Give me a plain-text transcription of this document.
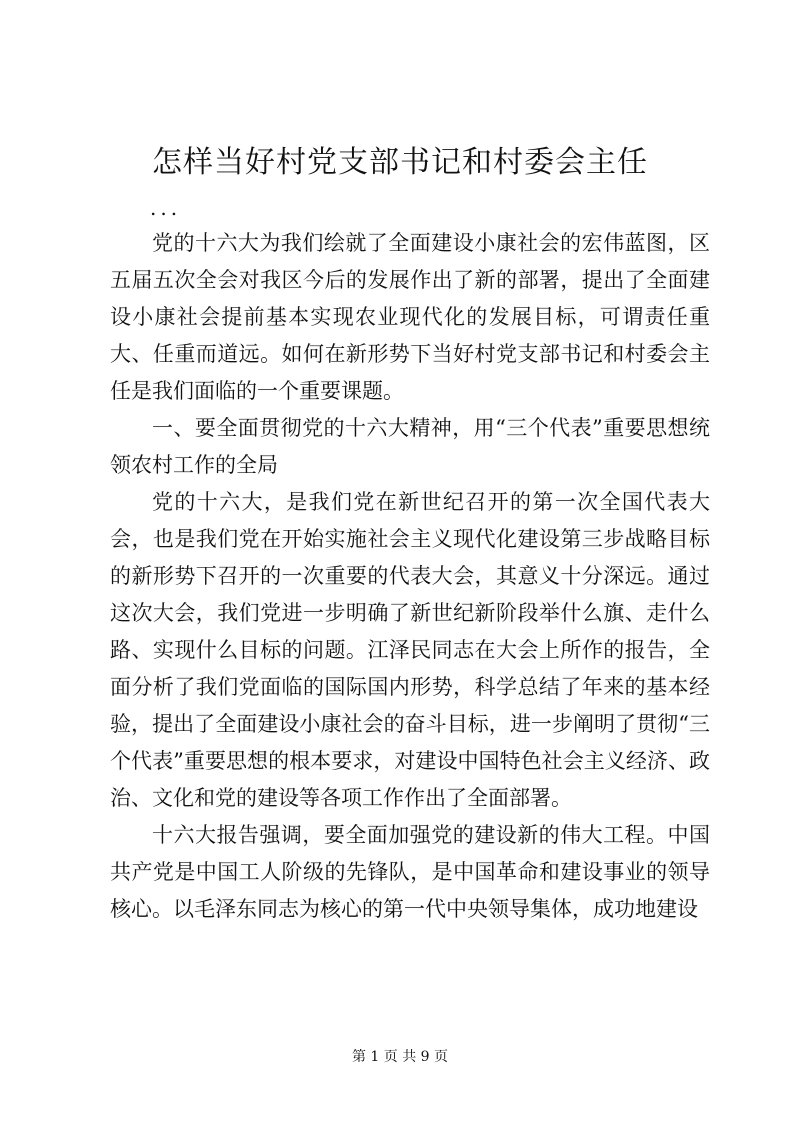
怎样当好村党支部书记和村委会主任
...

党的十六大为我们绘就了全面建设小康社会的宏伟蓝图，区五届五次全会对我区今后的发展作出了新的部署，提出了全面建设小康社会提前基本实现农业现代化的发展目标，可谓责任重大、任重而道远。如何在新形势下当好村党支部书记和村委会主任是我们面临的一个重要课题。

一、要全面贯彻党的十六大精神，用“三个代表”重要思想统领农村工作的全局

党的十六大，是我们党在新世纪召开的第一次全国代表大会，也是我们党在开始实施社会主义现代化建设第三步战略目标的新形势下召开的一次重要的代表大会，其意义十分深远。通过这次大会，我们党进一步明确了新世纪新阶段举什么旗、走什么路、实现什么目标的问题。江泽民同志在大会上所作的报告，全面分析了我们党面临的国际国内形势，科学总结了年来的基本经验，提出了全面建设小康社会的奋斗目标，进一步阐明了贯彻“三个代表”重要思想的根本要求，对建设中国特色社会主义经济、政治、文化和党的建设等各项工作作出了全面部署。

十六大报告强调，要全面加强党的建设新的伟大工程。中国共产党是中国工人阶级的先锋队，是中国革命和建设事业的领导核心。以毛泽东同志为核心的第一代中央领导集体，成功地建设

第 1 页 共 9 页
